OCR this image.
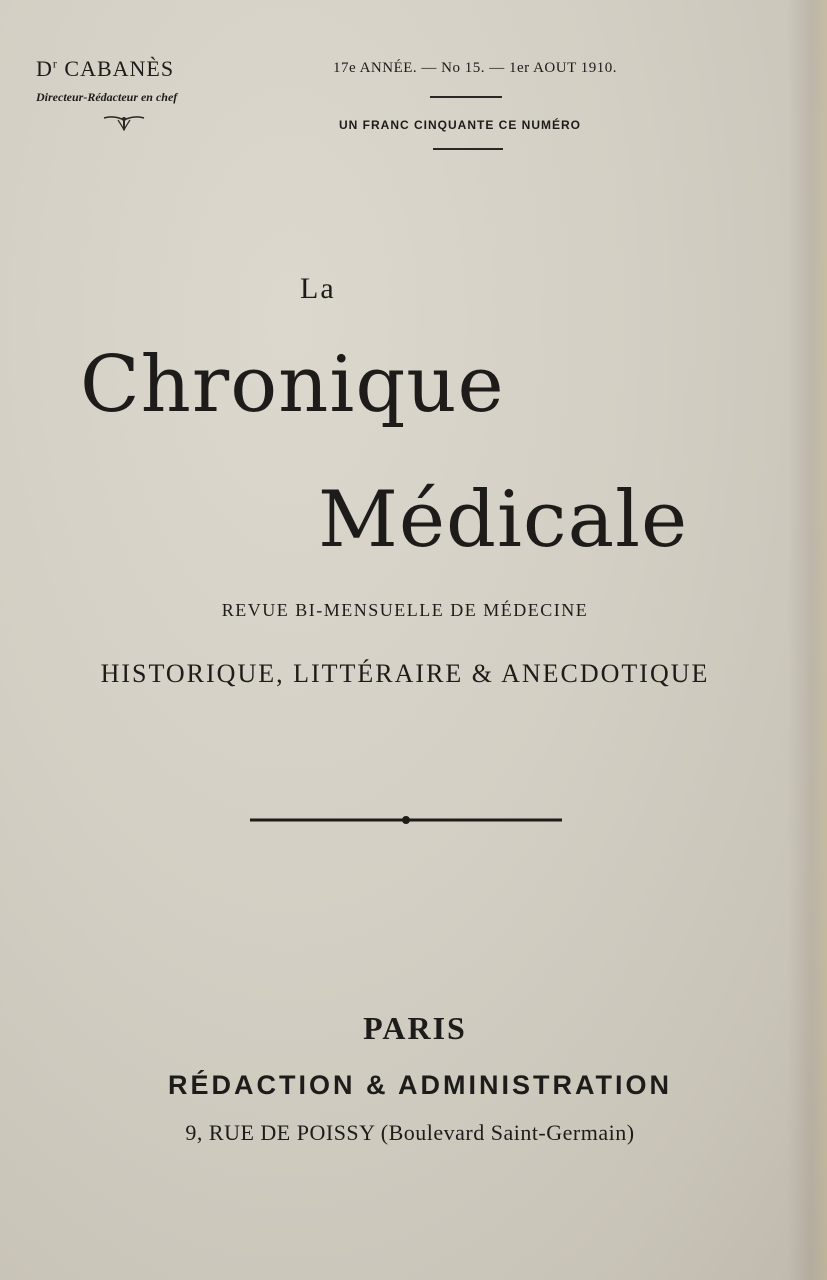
$D^r$ CABANÈS
Directeur-Rédacteur en chef
17e ANNÉE. — No 15. — 1er AOUT 1910.
UN FRANC CINQUANTE CE NUMÉRO
La
Chronique
Médicale
REVUE BI-MENSUELLE DE MÉDECINE
HISTORIQUE, LITTÉRAIRE & ANECDOTIQUE
PARIS
RÉDACTION & ADMINISTRATION
9, RUE DE POISSY (Boulevard Saint-Germain)
